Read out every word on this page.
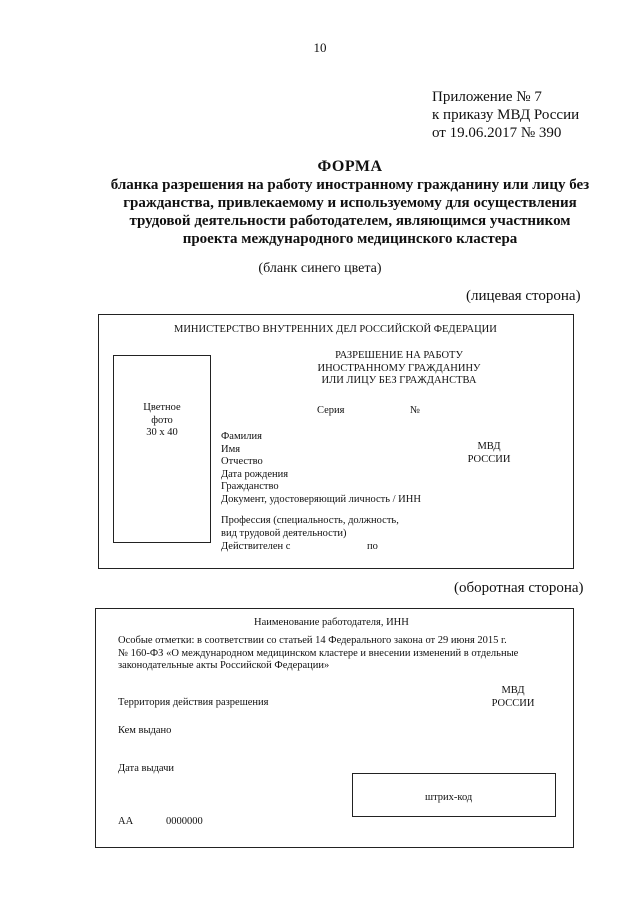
10
Приложение № 7
к приказу МВД России
от 19.06.2017 № 390
ФОРМА
бланка разрешения на работу иностранному гражданину или лицу без
гражданства, привлекаемому и используемому для осуществления
трудовой деятельности работодателем, являющимся участником
проекта международного медицинского кластера
(бланк синего цвета)
(лицевая сторона)
МИНИСТЕРСТВО ВНУТРЕННИХ ДЕЛ РОССИЙСКОЙ ФЕДЕРАЦИИ
РАЗРЕШЕНИЕ НА РАБОТУ
ИНОСТРАННОМУ ГРАЖДАНИНУ
ИЛИ ЛИЦУ БЕЗ ГРАЖДАНСТВА
Серия	№
Фамилия
Имя
Отчество
Дата рождения
Гражданство
Документ, удостоверяющий личность / ИНН
Профессия (специальность, должность,
вид трудовой деятельности)
Действителен с	по
МВД
РОССИИ
Цветное
фото
30 х 40
(оборотная сторона)
Наименование работодателя, ИНН
Особые отметки: в соответствии со статьей 14 Федерального закона от 29 июня 2015 г.
№ 160-ФЗ «О международном медицинском кластере и внесении изменений в отдельные
законодательные акты Российской Федерации»
Территория действия разрешения
Кем выдано
Дата выдачи
МВД
РОССИИ
АА	0000000
штрих-код
